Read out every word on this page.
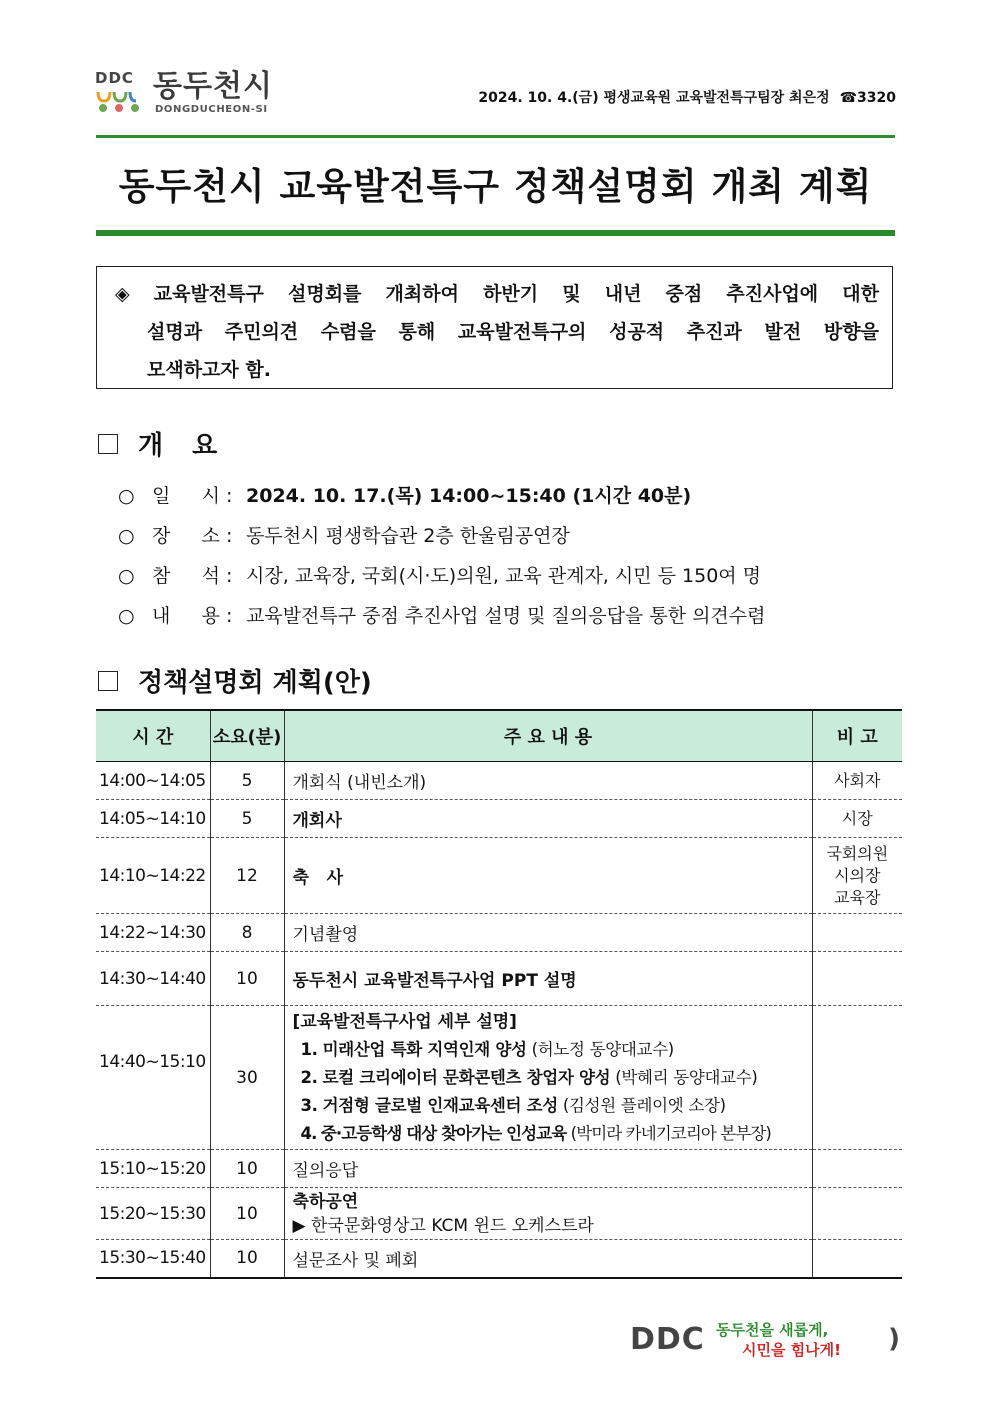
DDC 동두천시
DONGDUCHEON-SI
2024. 10. 4.(금) 평생교육원 교육발전특구팀장 최은정 ☎3320
동두천시 교육발전특구 정책설명회 개최 계획
◈ 교육발전특구 설명회를 개최하여 하반기 및 내년 중점 추진사업에 대한
설명과 주민의견 수렴을 통해 교육발전특구의 성공적 추진과 발전 방향을
모색하고자 함.
개 요
○ 일 시 : 2024. 10. 17.(목) 14:00~15:40 (1시간 40분)
○ 장 소 : 동두천시 평생학습관 2층 한울림공연장
○ 참 석 : 시장, 교육장, 국회(시·도)의원, 교육 관계자, 시민 등 150여 명
○ 내 용 : 교육발전특구 중점 추진사업 설명 및 질의응답을 통한 의견수렴
정책설명회 계획(안)
시 간	소요(분)	주 요 내 용	비 고
14:00~14:05	5	개회식 (내빈소개)	사회자
14:05~14:10	5	개회사	시장
14:10~14:22	12	축   사	국회의원
시의장
교육장

14:22~14:30	8	기념촬영	
14:30~14:40	10	동두천시 교육발전특구사업 PPT 설명	
14:40~15:10	30	[교육발전특구사업 세부 설명]
1. 미래산업 특화 지역인재 양성 (허노정 동양대교수)
2. 로컬 크리에이터 문화콘텐츠 창업자 양성 (박혜리 동양대교수)
3. 거점형 글로벌 인재교육센터 조성 (김성원 플레이엣 소장)
4. 중·고등학생 대상 찾아가는 인성교육 (박미라 카네기코리아 본부장)	

15:10~15:20	10	질의응답	
15:20~15:30	10	축하공연
▶ 한국문화영상고 KCM 윈드 오케스트라	

15:30~15:40	10	설문조사 및 폐회	
DDC 동두천을 새롭게,
시민을 힘나게! )
